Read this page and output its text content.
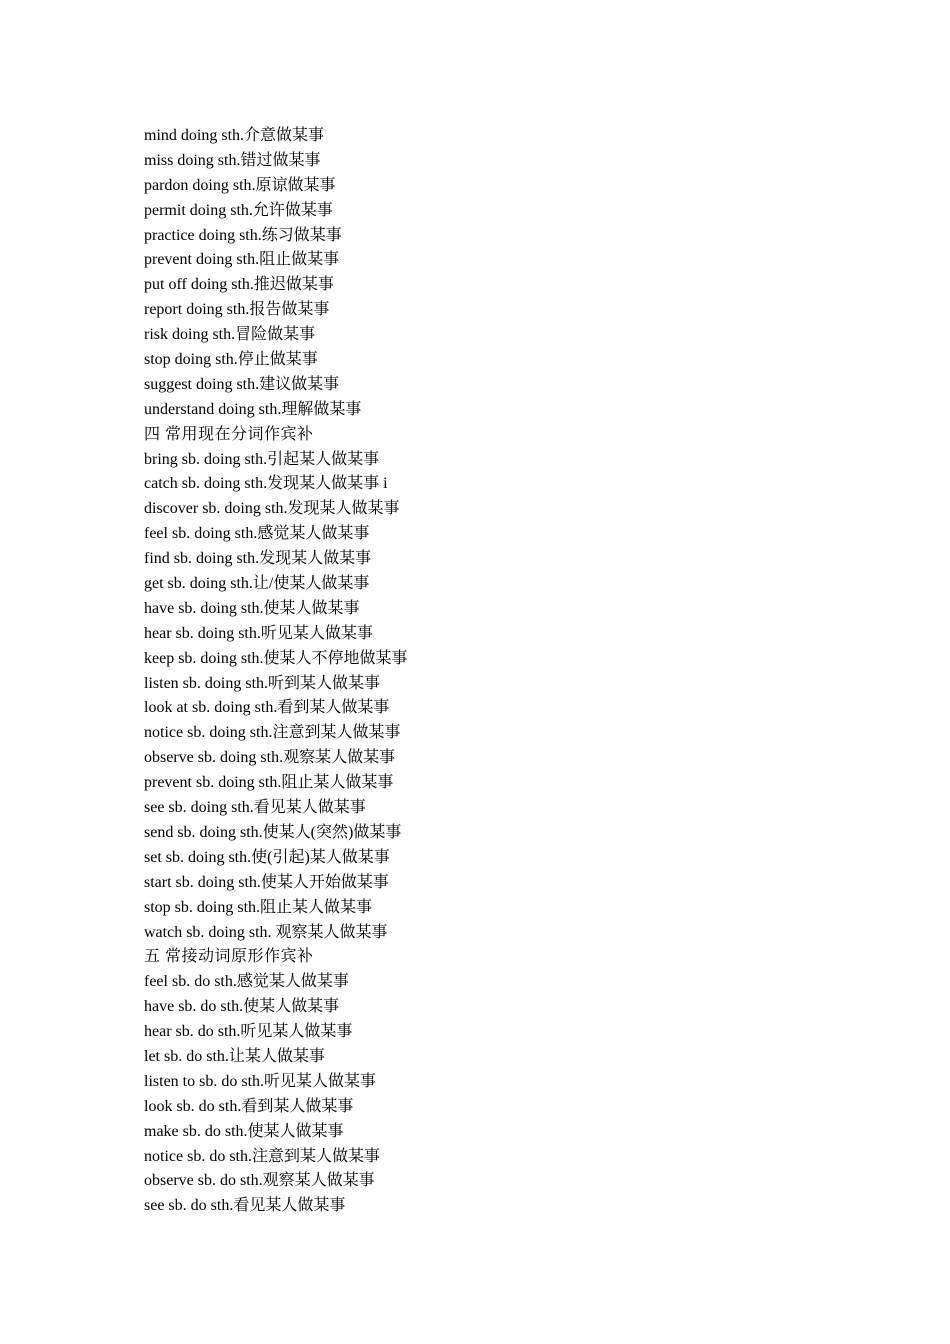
mind doing sth.介意做某事

miss doing sth.错过做某事

pardon doing sth.原谅做某事

permit doing sth.允许做某事

practice doing sth.练习做某事

prevent doing sth.阻止做某事

put off doing sth.推迟做某事

report doing sth.报告做某事

risk doing sth.冒险做某事

stop doing sth.停止做某事

suggest doing sth.建议做某事

understand doing sth.理解做某事

四 常用现在分词作宾补

bring sb. doing sth.引起某人做某事

catch sb. doing sth.发现某人做某事 i

discover sb. doing sth.发现某人做某事

feel sb. doing sth.感觉某人做某事

find sb. doing sth.发现某人做某事

get sb. doing sth.让/使某人做某事

have sb. doing sth.使某人做某事

hear sb. doing sth.听见某人做某事

keep sb. doing sth.使某人不停地做某事

listen sb. doing sth.听到某人做某事

look at sb. doing sth.看到某人做某事

notice sb. doing sth.注意到某人做某事

observe sb. doing sth.观察某人做某事

prevent sb. doing sth.阻止某人做某事

see sb. doing sth.看见某人做某事

send sb. doing sth.使某人(突然)做某事

set sb. doing sth.使(引起)某人做某事

start sb. doing sth.使某人开始做某事

stop sb. doing sth.阻止某人做某事

watch sb. doing sth. 观察某人做某事

五 常接动词原形作宾补

feel sb. do sth.感觉某人做某事

have sb. do sth.使某人做某事

hear sb. do sth.听见某人做某事

let sb. do sth.让某人做某事

listen to sb. do sth.听见某人做某事

look sb. do sth.看到某人做某事

make sb. do sth.使某人做某事

notice sb. do sth.注意到某人做某事

observe sb. do sth.观察某人做某事

see sb. do sth.看见某人做某事
